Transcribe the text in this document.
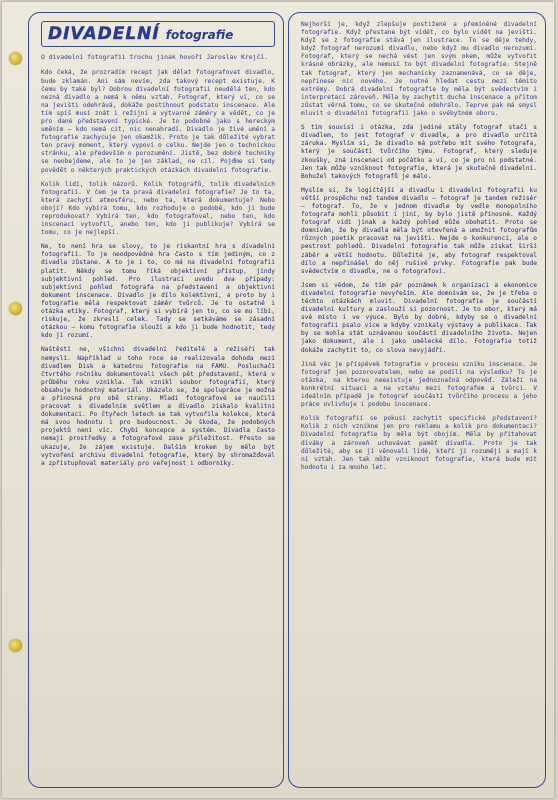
DIVADELNÍ fotografie

O divadelní fotografii trochu jinak hovoří Jaroslav Krejčí.

Kdo čeká, že prozradím recept jak dělat fotografovat divadlo, bude zklamán. Ani sám nevím, zda takový recept existuje. K čemu by také byl? Dobrou divadelní fotografii neudělá ten, kdo nezná divadlo a nemá k němu vztah. Fotograf, který ví, co se na jevišti odehrává, dokáže postihnout podstatu inscenace. Ale tím spíš musí znát i režijní a výtvarné záměry a vědět, co je pro dané představení typické. Je to podobné jako s hereckým uměním — kdo nemá cit, nic nenahradí. Divadlo je živé umění a fotografie zachycuje jen okamžik. Proto je tak důležité vybrat ten pravý moment, který vypoví o celku. Nejde jen o technickou stránku, ale především o porozumění. Jistě, bez dobré techniky se neobejdeme, ale to je jen základ, ne cíl. Pojďme si tedy povědět o některých praktických otázkách divadelní fotografie.

Kolik lidí, tolik názorů. Kolik fotografů, tolik divadelních fotografií. V čem je ta pravá divadelní fotografie? Je to ta, která zachytí atmosféru, nebo ta, která dokumentuje? Nebo obojí? Kdo vybírá tomu, kdo rozhoduje o podobě, kdo ji bude reprodukovat? Vybírá ten, kdo fotografoval, nebo ten, kdo inscenaci vytvořil, anebo ten, kdo ji publikuje? Vybírá se tomu, co je nejlepší.

Ne, to není hra se slovy, to je riskantní hra s divadelní fotografií. To je neodpovědné hra často s tím jediným, co z divadla zůstane. A to je i to, co má na divadelní fotografii platit. Někdy se tomu říká objektivní přístup, jindy subjektivní pohled. Pro ilustraci uvedu dva případy: subjektivní pohled fotografa na představení a objektivní dokument inscenace. Divadlo je dílo kolektivní, a proto by i fotografie měla respektovat záměr tvůrců. Je to ostatně i otázka etiky. Fotograf, který si vybírá jen to, co se mu líbí, riskuje, že zkreslí celek. Tady se setkáváme se zásadní otázkou — komu fotografie slouží a kdo ji bude hodnotit, tedy kdo jí rozumí.

Naštěstí ne, všichni divadelní ředitelé a režiséři tak nemyslí. Například u toho roce se realizovala dohoda mezi divadlem Disk a katedrou fotografie na FAMU. Posluchači čtvrtého ročníku dokumentovali všech pět představení, která v průběhu roku vznikla. Tak vznikl soubor fotografií, který obsahuje hodnotný materiál. Ukázalo se, že spolupráce je možná a přínosná pro obě strany. Mladí fotografové se naučili pracovat s divadelním světlem a divadlo získalo kvalitní dokumentaci. Po čtyřech letech se tak vytvořila kolekce, která má svou hodnotu i pro budoucnost. Je škoda, že podobných projektů není víc. Chybí koncepce a systém. Divadla často nemají prostředky a fotografové zase příležitost. Přesto se ukazuje, že zájem existuje. Dalším krokem by mělo být vytvoření archivu divadelní fotografie, který by shromažďoval a zpřístupňoval materiály pro veřejnost i odborníky.

Nejhorší je, když zlepšuje postižené a přemíněné divadelní fotografie. Když přestane být vidět, co bylo vidět na jevišti. Když se z fotografie stává jen ilustrace. To se děje tehdy, když fotograf nerozumí divadlu, nebo když mu divadlo nerozumí. Fotograf, který se nechá vést jen svým okem, může vytvořit krásné obrázky, ale nemusí to být divadelní fotografie. Stejně tak fotograf, který jen mechanicky zaznamenává, co se děje, nepřinese nic nového. Je nutné hledat cestu mezi těmito extrémy. Dobrá divadelní fotografie by měla být svědectvím i interpretací zároveň. Měla by zachytit ducha inscenace a přitom zůstat věrná tomu, co se skutečně odehrálo. Teprve pak má smysl mluvit o divadelní fotografii jako o svébytném oboru.

S tím souvisí i otázka, zda jediné stály fotograf stačí s divadlem, to jest fotograf v divadle, a pro divadlo určitá záruka. Myslím si, že divadlo má potřebu mít svého fotografa, který je součástí tvůrčího týmu. Fotograf, který sleduje zkoušky, zná inscenaci od počátku a ví, co je pro ni podstatné. Jen tak může vzniknout fotografie, která je skutečně divadelní. Bohužel takových fotografů je málo.

Myslím si, že logičtější a divadlu i divadelní fotografii ku větší prospěchu než tandem divadlo — fotograf je tandem režisér — fotograf. To, že v jednom divadle by vedle monopolního fotografa mohli působit i jiní, by bylo jistě přínosné. Každý fotograf vidí jinak a každý pohled může obohatit. Proto se domnívám, že by divadla měla být otevřená a umožnit fotografům různých poetik pracovat na jevišti. Nejde o konkurenci, ale o pestrost pohledů. Divadelní fotografie tak může získat širší záběr a větší hodnotu. Důležité je, aby fotograf respektoval dílo a nepřinášel do něj rušivé prvky. Fotografie pak bude svědectvím o divadle, ne o fotografovi.

Jsem si vědom, že tím pár poznámek k organizaci a ekonomice divadelní fotografie nevyřeším. Ale domnívám se, že je třeba o těchto otázkách mluvit. Divadelní fotografie je součástí divadelní kultury a zaslouží si pozornost. Je to obor, který má své místo i ve výuce. Bylo by dobré, kdyby se o divadelní fotografii psalo více a kdyby vznikaly výstavy a publikace. Tak by se mohla stát uznávanou součástí divadelního života. Nejen jako dokument, ale i jako umělecké dílo. Fotografie totiž dokáže zachytit to, co slova nevyjádří.

Jiná věc je příspěvek fotografie v procesu vzniku inscenace. Je fotograf jen pozorovatelem, nebo se podílí na výsledku? To je otázka, na kterou neexistuje jednoznačná odpověď. Záleží na konkrétní situaci a na vztahu mezi fotografem a tvůrci. V ideálním případě je fotograf součástí tvůrčího procesu a jeho práce ovlivňuje i podobu inscenace.

Kolik fotografií se pokusí zachytit specifické představení? Kolik z nich vznikne jen pro reklamu a kolik pro dokumentaci? Divadelní fotografie by měla být obojím. Měla by přitahovat diváky a zároveň uchovávat paměť divadla. Proto je tak důležité, aby se jí věnovali lidé, kteří jí rozumějí a mají k ní vztah. Jen tak může vzniknout fotografie, která bude mít hodnotu i za mnoho let.
